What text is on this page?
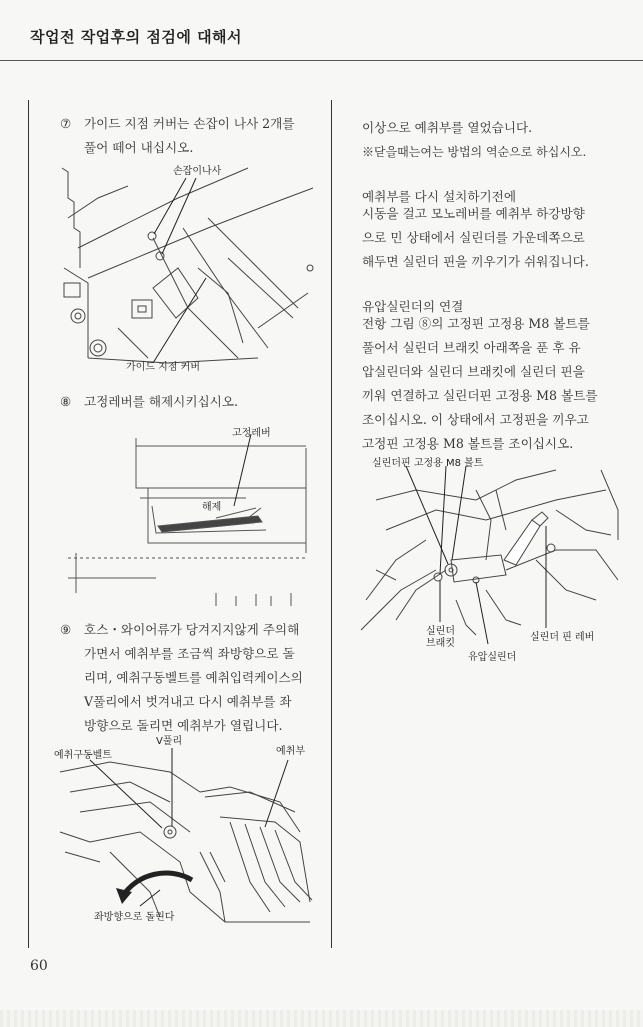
작업전 작업후의 점검에 대해서
⑦ 가이드 지점 커버는 손잡이 나사 2개를
풀어 떼어 내십시오.
손잡이나사
가이드 지점 커버
⑧ 고정레버를 해제시키십시오.
고정레버
해제
⑨ 호스・와이어류가 당겨지지않게 주의해
가면서 예취부를 조금씩 좌방향으로 돌
리며, 예취구동벨트를 예취입력케이스의
V풀리에서 벗겨내고 다시 예취부를 좌
방향으로 돌리면 예취부가 열립니다.
예취구동벨트
V풀리
예취부
좌방향으로 돌린다
이상으로 예취부를 열었습니다.
※닫을때는여는 방법의 역순으로 하십시오.
예취부를 다시 설치하기전에
시동을 걸고 모노레버를 예취부 하강방향
으로 민 상태에서 실린더를 가운데쪽으로
해두면 실린더 핀을 끼우기가 쉬워집니다.
유압실린더의 연결
전항 그림 ⑧의 고정핀 고정용 M8 볼트를
풀어서 실린더 브래킷 아래쪽을 푼 후 유
압실린더와 실린더 브래킷에 실린더 핀을
끼워 연결하고 실린더핀 고정용 M8 볼트를
조이십시오. 이 상태에서 고정핀을 끼우고
고정핀 고정용 M8 볼트를 조이십시오.
실린더핀 고정용 M8 볼트
실린더
브래킷
실린더 핀 레버
유압실린더
60
